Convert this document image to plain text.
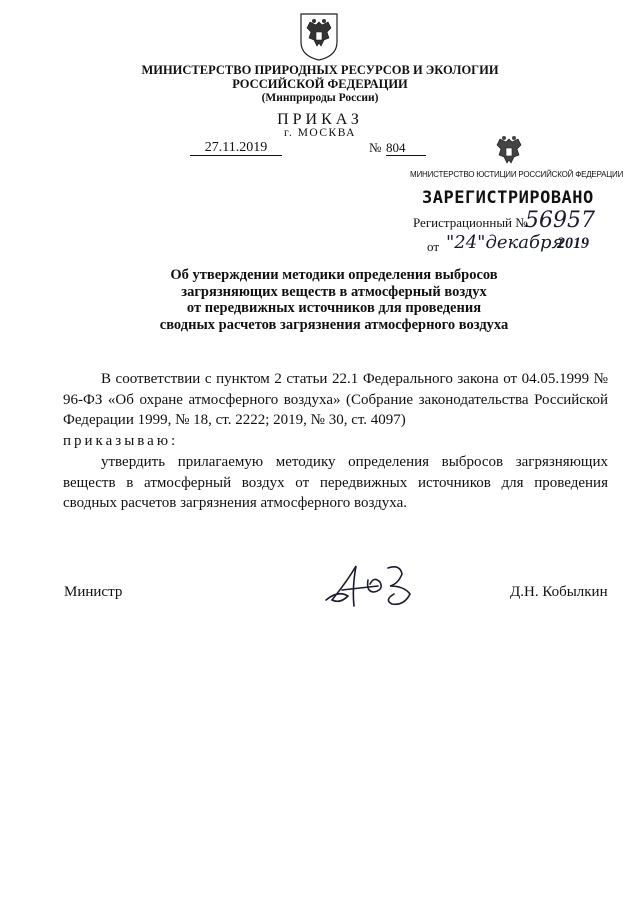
МИНИСТЕРСТВО ПРИРОДНЫХ РЕСУРСОВ И ЭКОЛОГИИ
РОССИЙСКОЙ ФЕДЕРАЦИИ
(Минприроды России)
ПРИКАЗ
г. МОСКВА
27.11.2019	№ 804
МИНИСТЕРСТВО ЮСТИЦИИ РОССИЙСКОЙ ФЕДЕРАЦИИ
ЗАРЕГИСТРИРОВАНО
Регистрационный №
56957
от "24"декабря
2019
Об утверждении методики определения выбросов
загрязняющих веществ в атмосферный воздух
от передвижных источников для проведения
сводных расчетов загрязнения атмосферного воздуха
В соответствии с пунктом 2 статьи 22.1 Федерального закона от 04.05.1999 № 96-ФЗ «Об охране атмосферного воздуха» (Собрание законодательства Российской Федерации 1999, № 18, ст. 2222; 2019, № 30, ст. 4097)
приказываю:
утвердить прилагаемую методику определения выбросов загрязняющих веществ в атмосферный воздух от передвижных источников для проведения сводных расчетов загрязнения атмосферного воздуха.
Министр	Д.Н. Кобылкин
